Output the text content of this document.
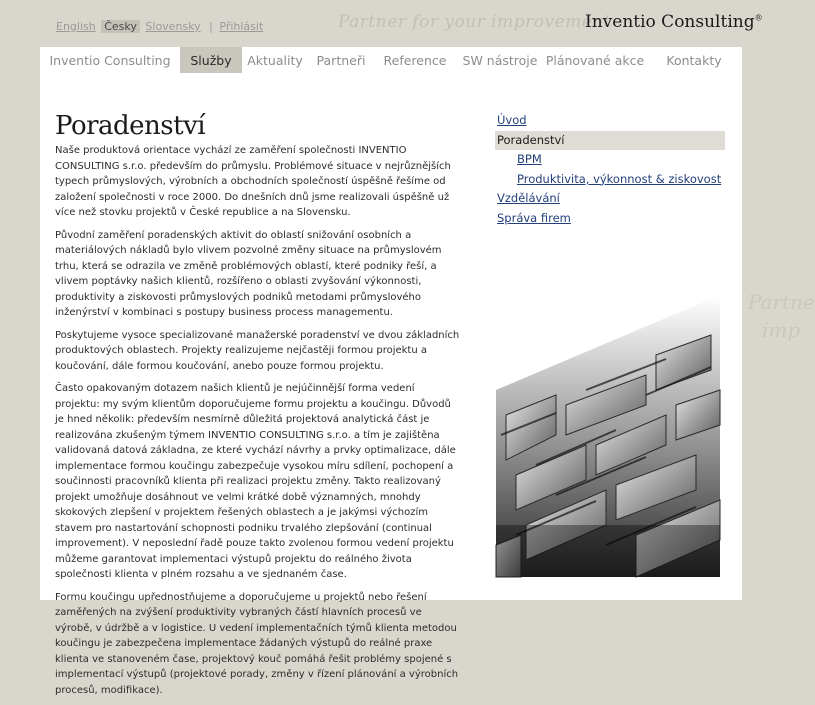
Partne
imp
English Česky Slovensky | Přihlásit	Partner for your improvement
Inventio Consulting®
Inventio Consulting	Služby	Aktuality	Partneři	Reference	SW nástroje Plánované akce	Kontakty
Poradenství

Naše produktová orientace vychází ze zaměření společnosti INVENTIO CONSULTING s.r.o. především do průmyslu. Problémové situace v nejrůznějších typech průmyslových, výrobních a obchodních společností úspěšně řešíme od založení společnosti v roce 2000. Do dnešních dnů jsme realizovali úspěšně už více než stovku projektů v České republice a na Slovensku.

Původní zaměření poradenských aktivit do oblastí snižování osobních a materiálových nákladů bylo vlivem pozvolné změny situace na průmyslovém trhu, která se odrazila ve změně problémových oblastí, které podniky řeší, a vlivem poptávky našich klientů, rozšířeno o oblasti zvyšování výkonnosti, produktivity a ziskovosti průmyslových podniků metodami průmyslového inženýrství v kombinaci s postupy business process managementu.

Poskytujeme vysoce specializované manažerské poradenství ve dvou základních produktových oblastech. Projekty realizujeme nejčastěji formou projektu a koučování, dále formou koučování, anebo pouze formou projektu.

Často opakovaným dotazem našich klientů je nejúčinnější forma vedení projektu: my svým klientům doporučujeme formu projektu a koučingu. Důvodů je hned několik: především nesmírně důležitá projektová analytická část je realizována zkušeným týmem INVENTIO CONSULTING s.r.o. a tím je zajištěna validovaná datová základna, ze které vychází návrhy a prvky optimalizace, dále implementace formou koučingu zabezpečuje vysokou míru sdílení, pochopení a součinnosti pracovníků klienta při realizaci projektu změny. Takto realizovaný projekt umožňuje dosáhnout ve velmi krátké době významných, mnohdy skokových zlepšení v projektem řešených oblastech a je jakýmsi výchozím stavem pro nastartování schopnosti podniku trvalého zlepšování (continual improvement). V neposlední řadě pouze takto zvolenou formou vedení projektu můžeme garantovat implementaci výstupů projektu do reálného života společnosti klienta v plném rozsahu a ve sjednaném čase.

Formu koučingu upřednostňujeme a doporučujeme u projektů nebo řešení zaměřených na zvýšení produktivity vybraných částí hlavních procesů ve výrobě, v údržbě a v logistice. U vedení implementačních týmů klienta metodou koučingu je zabezpečena implementace žádaných výstupů do reálné praxe klienta ve stanoveném čase, projektový kouč pomáhá řešit problémy spojené s implementací výstupů (projektové porady, změny v řízení plánování a výrobních procesů, modifikace).

Úvod
Poradenství
BPM
Produktivita, výkonnost & ziskovost
Vzdělávání
Správa firem
